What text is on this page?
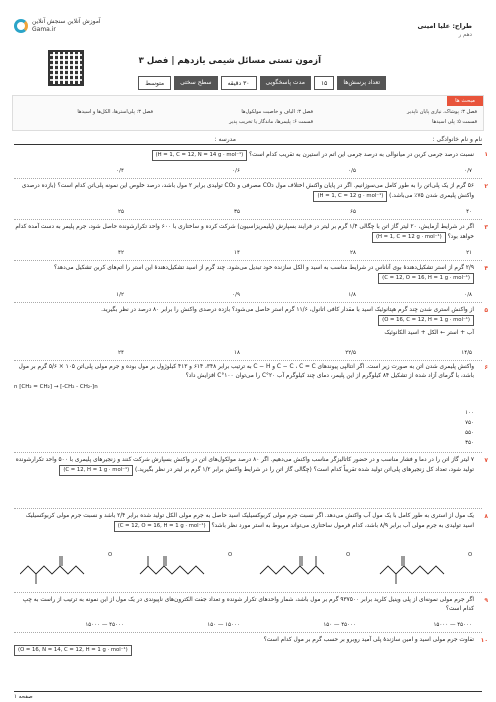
آموزش آنلاین سنجش آنلاین
Gama.ir	طراح: علیا امینی
دهم ر
آزمون تستی مسائل شیمی یازدهم | فصل ۳
تعداد پرسش‌ها
۱۵
مدت پاسخگویی
۳۰ دقیقه
سطح سختی
متوسط
مبحث ها
فصل ۳: پوشاک، نیازی پایان ناپذیر
فصل ۳: الیاف و خاصیت مولکول‌ها
فصل ۳: پلی‌استرها، الکل‌ها و اسیدها
قسمت ۵: پلی اسیدها
قسمت ۶: پلیمرها، ماندگار یا تخریب پذیر
نام و نام خانوادگی :
مدرسه :
۱
نسبت درصد جرمی کربن در میانوالی به درصد جرمی این اتم در استیرن به تقریب کدام است؟ (H = 1, C = 12, N = 14 g · mol⁻¹)
۰/۷
۰/۵
۰/۶
۰/۴
۲
۵۶ گرم از یک پلی‌اتن را به طور کامل می‌سوزانیم. اگر در پایان واکنش اختلاف مول CO₂ مصرفی و CO₂ تولیدی برابر ۲ مول باشد، درصد خلوص این نمونه پلی‌اتن کدام است؟ (بازده درصدی واکنش پلیمری شدن ۷۵٪ می‌باشد.) (H = 1, C = 12 g · mol⁻¹)
۴۰
۶۵
۳۵
۲۵
۳
اگر در شرایط آزمایش، ۲۰ لیتر گاز اتن با چگالی ۱/۴ گرم بر لیتر در فرایند بسپارش (پلیمریزاسیون) شرکت کرده و ساختاری با ۶۰۰ واحد تکرارشونده حاصل شود، جرم پلیمر به دست آمده کدام خواهد بود؟ (H = 1, C = 12 g · mol⁻¹)
۲۱
۲۸
۱۴
۴۲
۴
۲/۹ گرم از استر تشکیل‌دهندهٔ بوی آناناس در شرایط مناسب به اسید و الکل سازنده خود تبدیل می‌شود. چند گرم از اسید تشکیل‌دهندهٔ این استر را اتم‌های کربن تشکیل می‌دهد؟ (C = 12, O = 16, H = 1 g · mol⁻¹)
۰/۸
۱/۸
۰/۹
۱/۲
۵
از واکنش استری شدن چند گرم هپتانوئیک اسید با مقدار کافی اتانول، ۱۱/۶ گرم استر حاصل می‌شود؟ بازده درصدی واکنش را برابر ۸۰ درصد در نظر بگیرید. (O = 16, C = 12, H = 1 g · mol⁻¹)
آب + استر ← الکل + اسید الکانوئیک
۱۴/۵
۲۲/۵
۱۸
۲۴
۶
واکنش پلیمری شدن اتن به صورت زیر است. اگر انتالپی پیوندهای C − C ، C = C و C − H به ترتیب برابر ۳۴۸، ۶۱۴ و ۴۱۳ کیلوژول بر مول بوده و جرم مولی پلی‌اتن ۱۰۵ × ۵/۶ گرم بر مول باشد، با گرمای آزاد شده از تشکیل ۸۴ کیلوگرم از این پلیمر، دمای چند کیلوگرم آب ۲۰°C را می‌توان ۱۰۰°C افزایش داد؟
n [CH₂ = CH₂] → [-CH₂ - CH₂-]n
۱۰۰
۷۵۰
۵۵۰
۳۵۰
۷
۷ لیتر گاز اتن را در دما و فشار مناسب و در حضور کاتالیزگر مناسب واکنش می‌دهیم. اگر ۸۰ درصد مولکول‌های اتن در واکنش بسپارش شرکت کنند و زنجیرهای پلیمری با ۵۰۰ واحد تکرارشونده تولید شود، تعداد کل زنجیرهای پلی‌اتن تولید شده تقریباً کدام است؟ (چگالی گاز اتن را در شرایط واکنش برابر ۱/۲ گرم بر لیتر در نظر بگیرید.) (C = 12, H = 1 g · mol⁻¹)
۸
یک مول از استری به طور کامل با یک مول آب واکنش می‌دهد. اگر نسبت جرم مولی کربوکسیلیک اسید حاصل به جرم مولی الکل تولید شده برابر ۲/۴ باشد و نسبت جرم مولی کربوکسیلیک اسید تولیدی به جرم مولی آب برابر ۸/۹ باشد، کدام فرمول ساختاری می‌تواند مربوط به استر مورد نظر باشد؟ (C = 12, O = 16, H = 1 g · mol⁻¹)
O
O
O
O
۹
اگر جرم مولی نمونه‌ای از پلی وینیل کلرید برابر ۹۳۷۵۰۰ گرم بر مول باشد، شمار واحدهای تکرار شونده و تعداد جفت الکترون‌های ناپیوندی در یک مول از این نمونه به ترتیب از راست به چپ کدام است؟
۴۵۰۰۰ — ۱۵۰۰۰
۴۵۰۰۰ — ۱۵۰
۱۵۰۰۰ — ۱۵۰
۴۵۰۰۰ — ۱۵۰۰۰
۱۰
تفاوت جرم مولی اسید و امین سازندهٔ پلی آمید روبرو بر حسب گرم بر مول کدام است؟
(O = 16, N = 14, C = 12, H = 1 g · mol⁻¹)
صفحه ۱
